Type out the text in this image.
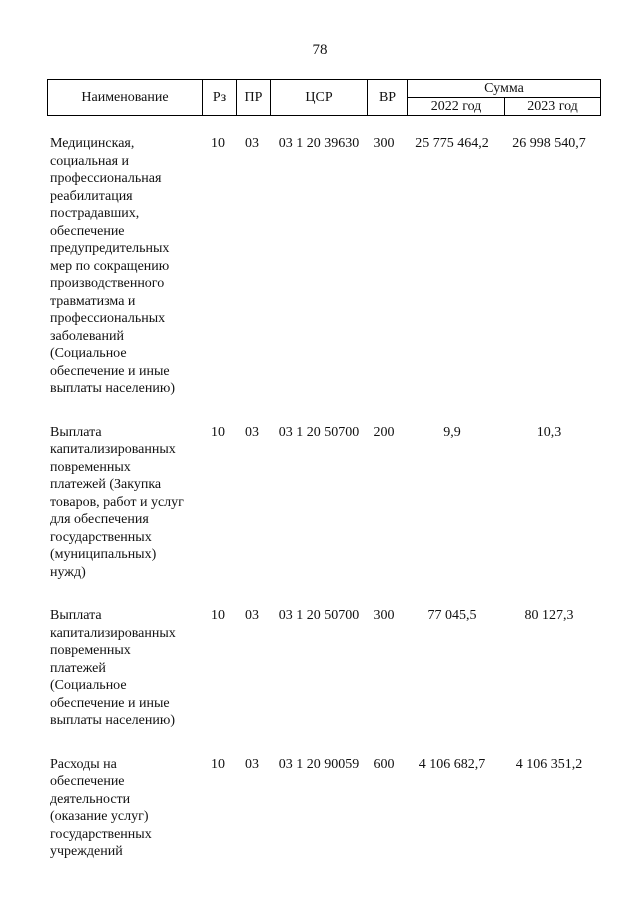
78
Наименование	Рз	ПР	ЦСР	ВР
Сумма
2022 год	2023 год
Медицинская,
социальная и
профессиональная
реабилитация
пострадавших,
обеспечение
предупредительных
мер по сокращению
производственного
травматизма и
профессиональных
заболеваний
(Социальное
обеспечение и иные
выплаты населению)
10	03	03 1 20 39630	300	25 775 464,2	26 998 540,7
Выплата
капитализированных
повременных
платежей (Закупка
товаров, работ и услуг
для обеспечения
государственных
(муниципальных)
нужд)
10	03	03 1 20 50700	200	9,9	10,3
Выплата
капитализированных
повременных
платежей
(Социальное
обеспечение и иные
выплаты населению)
10	03	03 1 20 50700	300	77 045,5	80 127,3
Расходы на
обеспечение
деятельности
(оказание услуг)
государственных
учреждений
10	03	03 1 20 90059	600	4 106 682,7	4 106 351,2
